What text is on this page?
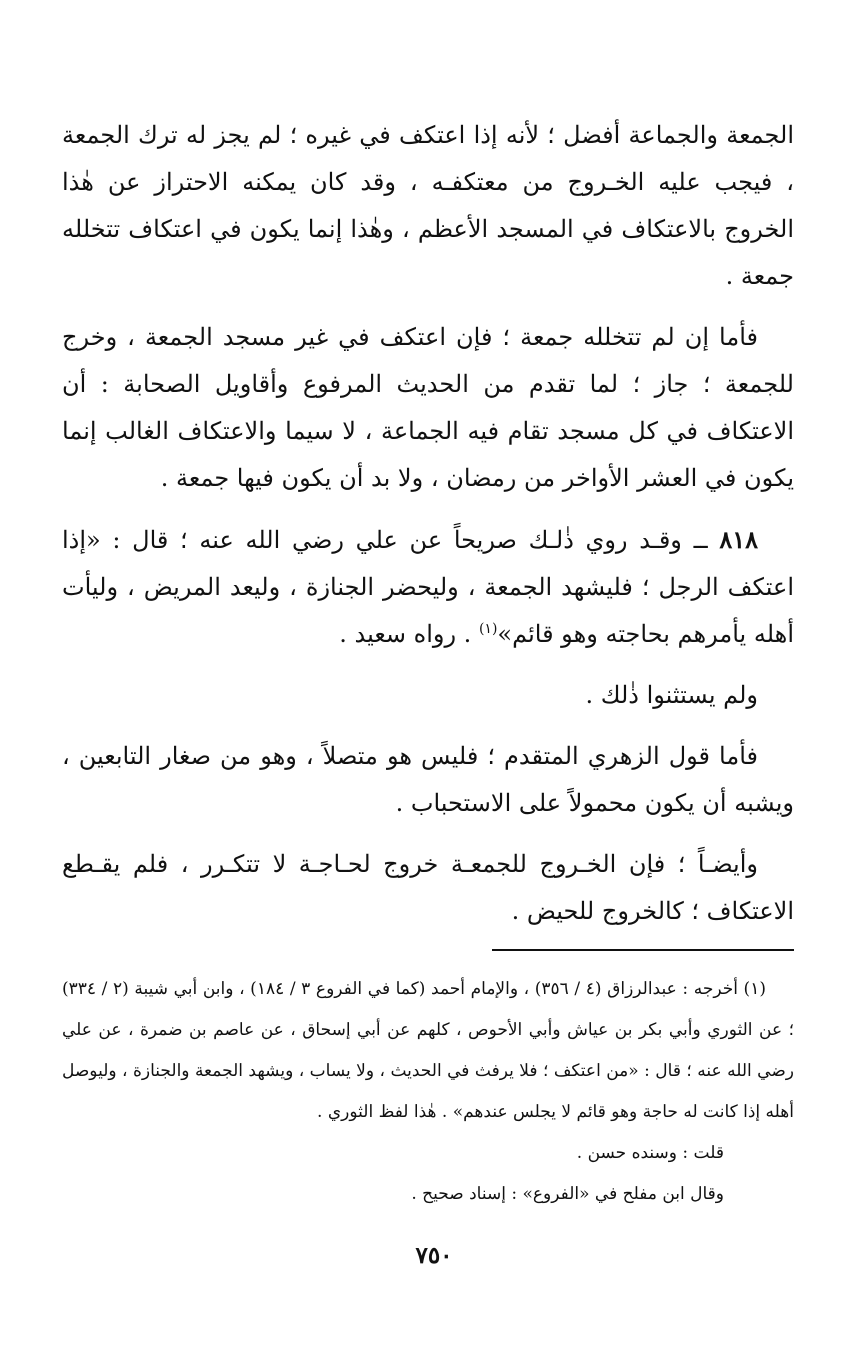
الجمعة والجماعة أفضل ؛ لأنه إذا اعتكف في غيره ؛ لم يجز له ترك الجمعة ، فيجب عليه الخـروج من معتكفـه ، وقد كان يمكنه الاحتراز عن هٰذا الخروج بالاعتكاف في المسجد الأعظم ، وهٰذا إنما يكون في اعتكاف تتخلله جمعة .

فأما إن لم تتخلله جمعة ؛ فإن اعتكف في غير مسجد الجمعة ، وخرج للجمعة ؛ جاز ؛ لما تقدم من الحديث المرفوع وأقاويل الصحابة : أن الاعتكاف في كل مسجد تقام فيه الجماعة ، لا سيما والاعتكاف الغالب إنما يكون في العشر الأواخر من رمضان ، ولا بد أن يكون فيها جمعة .

٨١٨ ــ وقـد روي ذٰلـك صريحاً عن علي رضي الله عنه ؛ قال : «إذا اعتكف الرجل ؛ فليشهد الجمعة ، وليحضر الجنازة ، وليعد المريض ، وليأت أهله يأمرهم بحاجته وهو قائم»$^{(١)}$ . رواه سعيد .

ولم يستثنوا ذٰلك .

فأما قول الزهري المتقدم ؛ فليس هو متصلاً ، وهو من صغار التابعين ، ويشبه أن يكون محمولاً على الاستحباب .

وأيضـاً ؛ فإن الخـروج للجمعـة خروج لحـاجـة لا تتكـرر ، فلم يقـطع الاعتكاف ؛ كالخروج للحيض .

(١) أخرجه : عبدالرزاق (٤ / ٣٥٦) ، والإمام أحمد (كما في الفروع ٣ / ١٨٤) ، وابن أبي شيبة (٢ / ٣٣٤) ؛ عن الثوري وأبي بكر بن عياش وأبي الأحوص ، كلهم عن أبي إسحاق ، عن عاصم بن ضمرة ، عن علي رضي الله عنه ؛ قال : «من اعتكف ؛ فلا يرفث في الحديث ، ولا يساب ، ويشهد الجمعة والجنازة ، وليوصل أهله إذا كانت له حاجة وهو قائم لا يجلس عندهم» . هٰذا لفظ الثوري .

قلت : وسنده حسن .

وقال ابن مفلح في «الفروع» : إسناد صحيح .

٧٥٠
